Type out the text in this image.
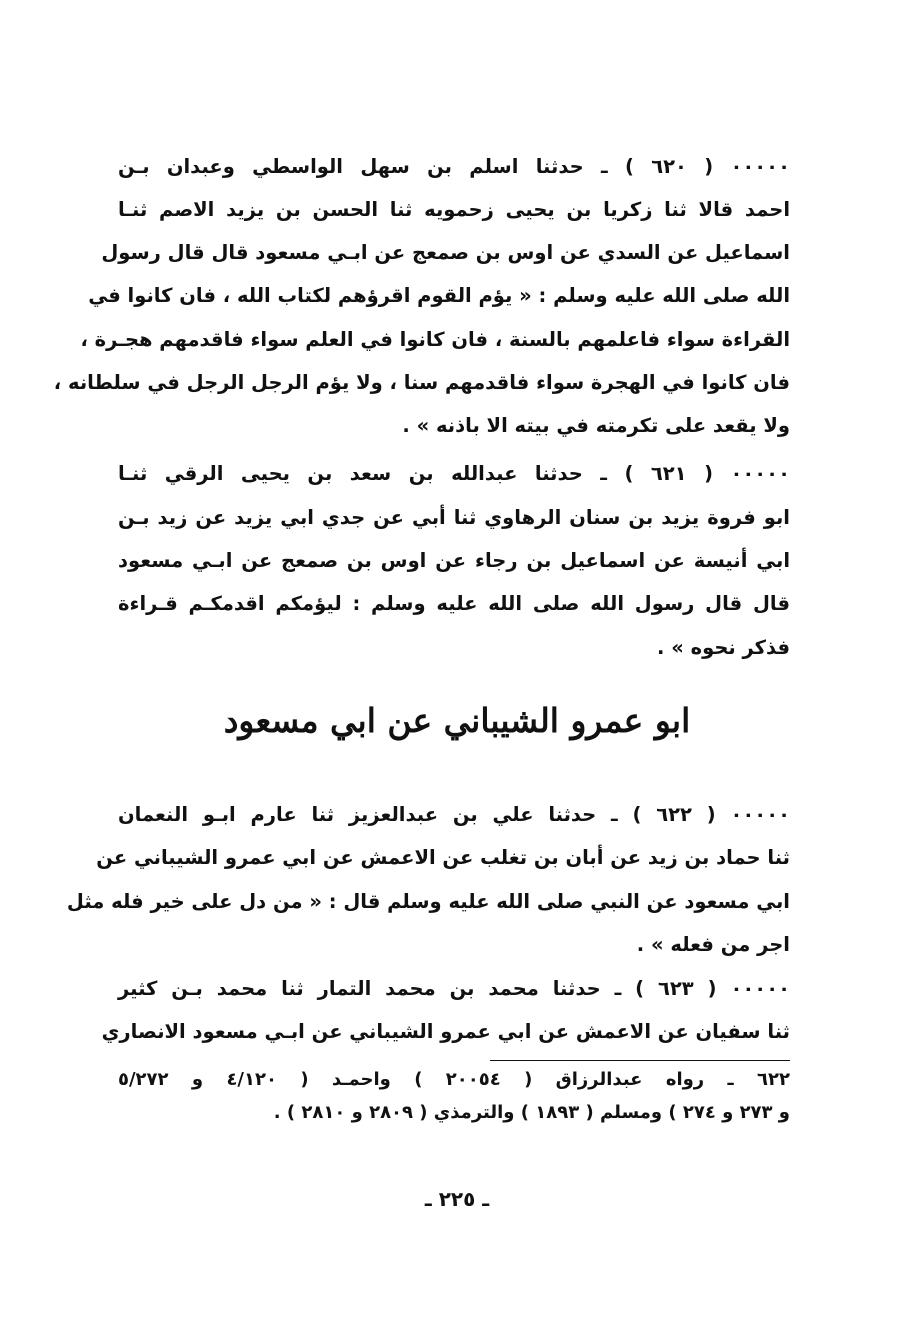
٠٠٠٠٠ ( ٦٢٠ ) ـ حدثنا اسلم بن سهل الواسطي وعبدان بـن
احمد قالا ثنا زكريا بن يحيى زحمويه ثنا الحسن بن يزيد الاصم ثنـا
اسماعيل عن السدي عن اوس بن صمعج عن ابـي مسعود قال قال رسول
الله صلى الله عليه وسلم : « يؤم القوم اقرؤهم لكتاب الله ، فان كانوا في
القراءة سواء فاعلمهم بالسنة ، فان كانوا في العلم سواء فاقدمهم هجـرة ،
فان كانوا في الهجرة سواء فاقدمهم سنا ، ولا يؤم الرجل الرجل في سلطانه ،
ولا يقعد على تكرمته في بيته الا باذنه » .
٠٠٠٠٠ ( ٦٢١ ) ـ حدثنا عبدالله بن سعد بن يحيى الرقي ثنـا
ابو فروة يزيد بن سنان الرهاوي ثنا أبي عن جدي ابي يزيد عن زيد بـن
ابي أنيسة عن اسماعيل بن رجاء عن اوس بن صمعج عن ابـي مسعود
قال قال رسول الله صلى الله عليه وسلم : ليؤمكم اقدمكـم قـراءة
فذكر نحوه » .
ابو عمرو الشيباني عن ابي مسعود
٠٠٠٠٠ ( ٦٢٢ ) ـ حدثنا علي بن عبدالعزيز ثنا عارم ابـو النعمان
ثنا حماد بن زيد عن أبان بن تغلب عن الاعمش عن ابي عمرو الشيباني عن
ابي مسعود عن النبي صلى الله عليه وسلم قال : « من دل على خير فله مثل
اجر من فعله » .
٠٠٠٠٠ ( ٦٢٣ ) ـ حدثنا محمد بن محمد التمار ثنا محمد بـن كثير
ثنا سفيان عن الاعمش عن ابي عمرو الشيباني عن ابـي مسعود الانصاري
٦٢٢ ـ رواه عبدالرزاق ( ٢٠٠٥٤ ) واحمـد ( ٤/١٢٠ و ٥/٢٧٢
و ٢٧٣ و ٢٧٤ ) ومسلم ( ١٨٩٣ ) والترمذي ( ٢٨٠٩ و ٢٨١٠ ) .
ـ ٢٢٥ ـ
